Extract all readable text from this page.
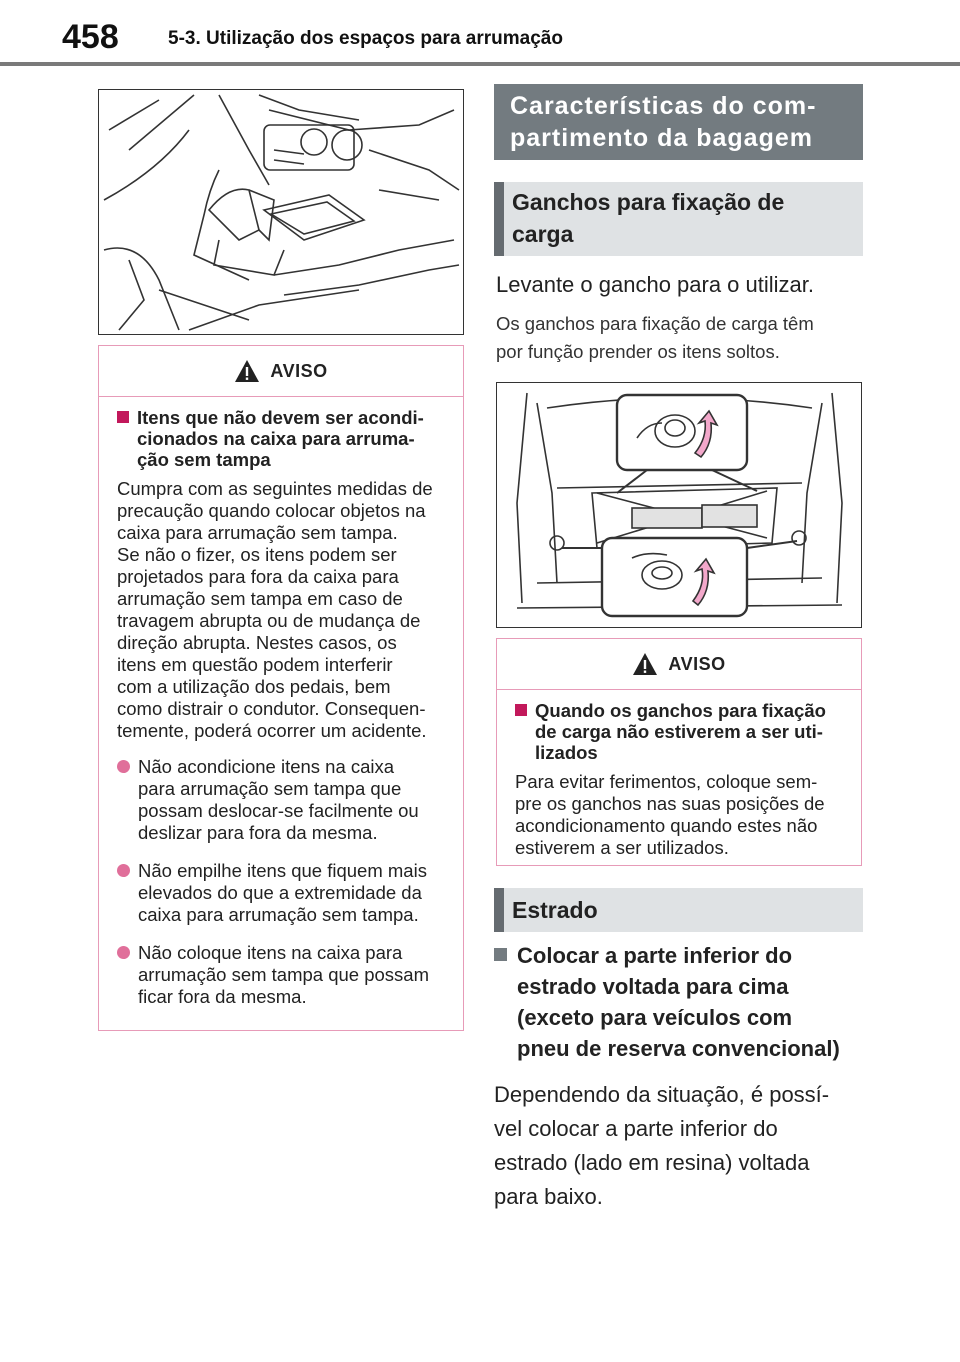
458	5-3. Utilização dos espaços para arrumação
AVISO
Itens que não devem ser acondi-
cionados na caixa para arruma-
ção sem tampa
Cumpra com as seguintes medidas de
precaução quando colocar objetos na
caixa para arrumação sem tampa.
Se não o fizer, os itens podem ser
projetados para fora da caixa para
arrumação sem tampa em caso de
travagem abrupta ou de mudança de
direção abrupta. Nestes casos, os
itens em questão podem interferir
com a utilização dos pedais, bem
como distrair o condutor. Consequen-
temente, poderá ocorrer um acidente.
Não acondicione itens na caixa
para arrumação sem tampa que
possam deslocar-se facilmente ou
deslizar para fora da mesma.
Não empilhe itens que fiquem mais
elevados do que a extremidade da
caixa para arrumação sem tampa.
Não coloque itens na caixa para
arrumação sem tampa que possam
ficar fora da mesma.
Características do com-
partimento da bagagem
Ganchos para fixação de
carga
Levante o gancho para o utilizar.
Os ganchos para fixação de carga têm
por função prender os itens soltos.
AVISO
Quando os ganchos para fixação
de carga não estiverem a ser uti-
lizados
Para evitar ferimentos, coloque sem-
pre os ganchos nas suas posições de
acondicionamento quando estes não
estiverem a ser utilizados.
Estrado
Colocar a parte inferior do
estrado voltada para cima
(exceto para veículos com
pneu de reserva convencional)
Dependendo da situação, é possí-
vel colocar a parte inferior do
estrado (lado em resina) voltada
para baixo.
